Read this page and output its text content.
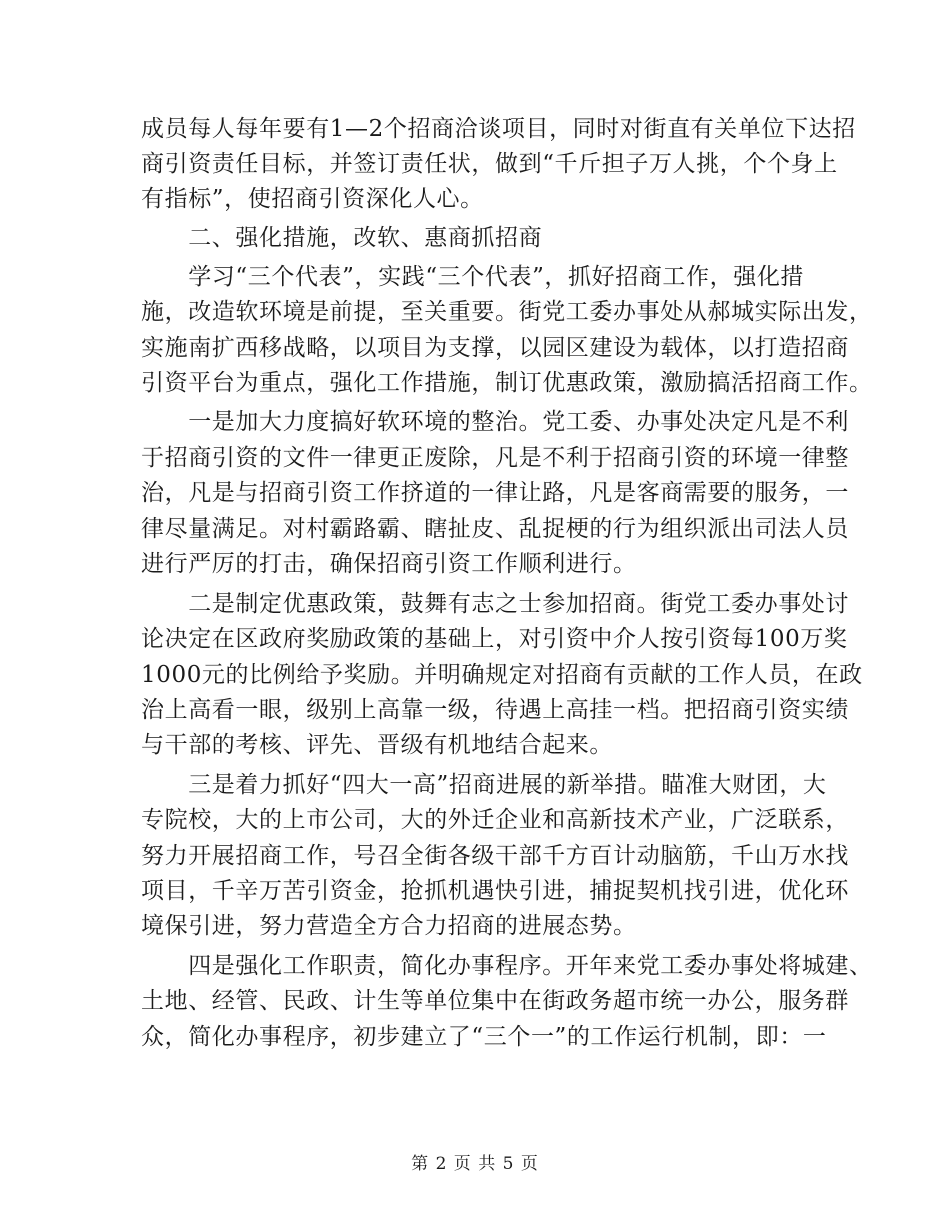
成员每人每年要有1—2个招商洽谈项目，同时对街直有关单位下达招
商引资责任目标，并签订责任状，做到“千斤担子万人挑，个个身上
有指标”，使招商引资深化人心。
　　二、强化措施，改软、惠商抓招商
　　学习“三个代表”，实践“三个代表”，抓好招商工作，强化措
施，改造软环境是前提，至关重要。街党工委办事处从郝城实际出发，
实施南扩西移战略，以项目为支撑，以园区建设为载体，以打造招商
引资平台为重点，强化工作措施，制订优惠政策，激励搞活招商工作。
　　一是加大力度搞好软环境的整治。党工委、办事处决定凡是不利
于招商引资的文件一律更正废除，凡是不利于招商引资的环境一律整
治，凡是与招商引资工作挤道的一律让路，凡是客商需要的服务，一
律尽量满足。对村霸路霸、瞎扯皮、乱捉梗的行为组织派出司法人员
进行严厉的打击，确保招商引资工作顺利进行。
　　二是制定优惠政策，鼓舞有志之士参加招商。街党工委办事处讨
论决定在区政府奖励政策的基础上，对引资中介人按引资每100万奖
1000元的比例给予奖励。并明确规定对招商有贡献的工作人员，在政
治上高看一眼，级别上高靠一级，待遇上高挂一档。把招商引资实绩
与干部的考核、评先、晋级有机地结合起来。
　　三是着力抓好“四大一高”招商进展的新举措。瞄准大财团，大
专院校，大的上市公司，大的外迁企业和高新技术产业，广泛联系，
努力开展招商工作，号召全街各级干部千方百计动脑筋，千山万水找
项目，千辛万苦引资金，抢抓机遇快引进，捕捉契机找引进，优化环
境保引进，努力营造全方合力招商的进展态势。
　　四是强化工作职责，简化办事程序。开年来党工委办事处将城建、
土地、经管、民政、计生等单位集中在街政务超市统一办公，服务群
众，简化办事程序，初步建立了“三个一”的工作运行机制，即：一
第 2 页 共 5 页
